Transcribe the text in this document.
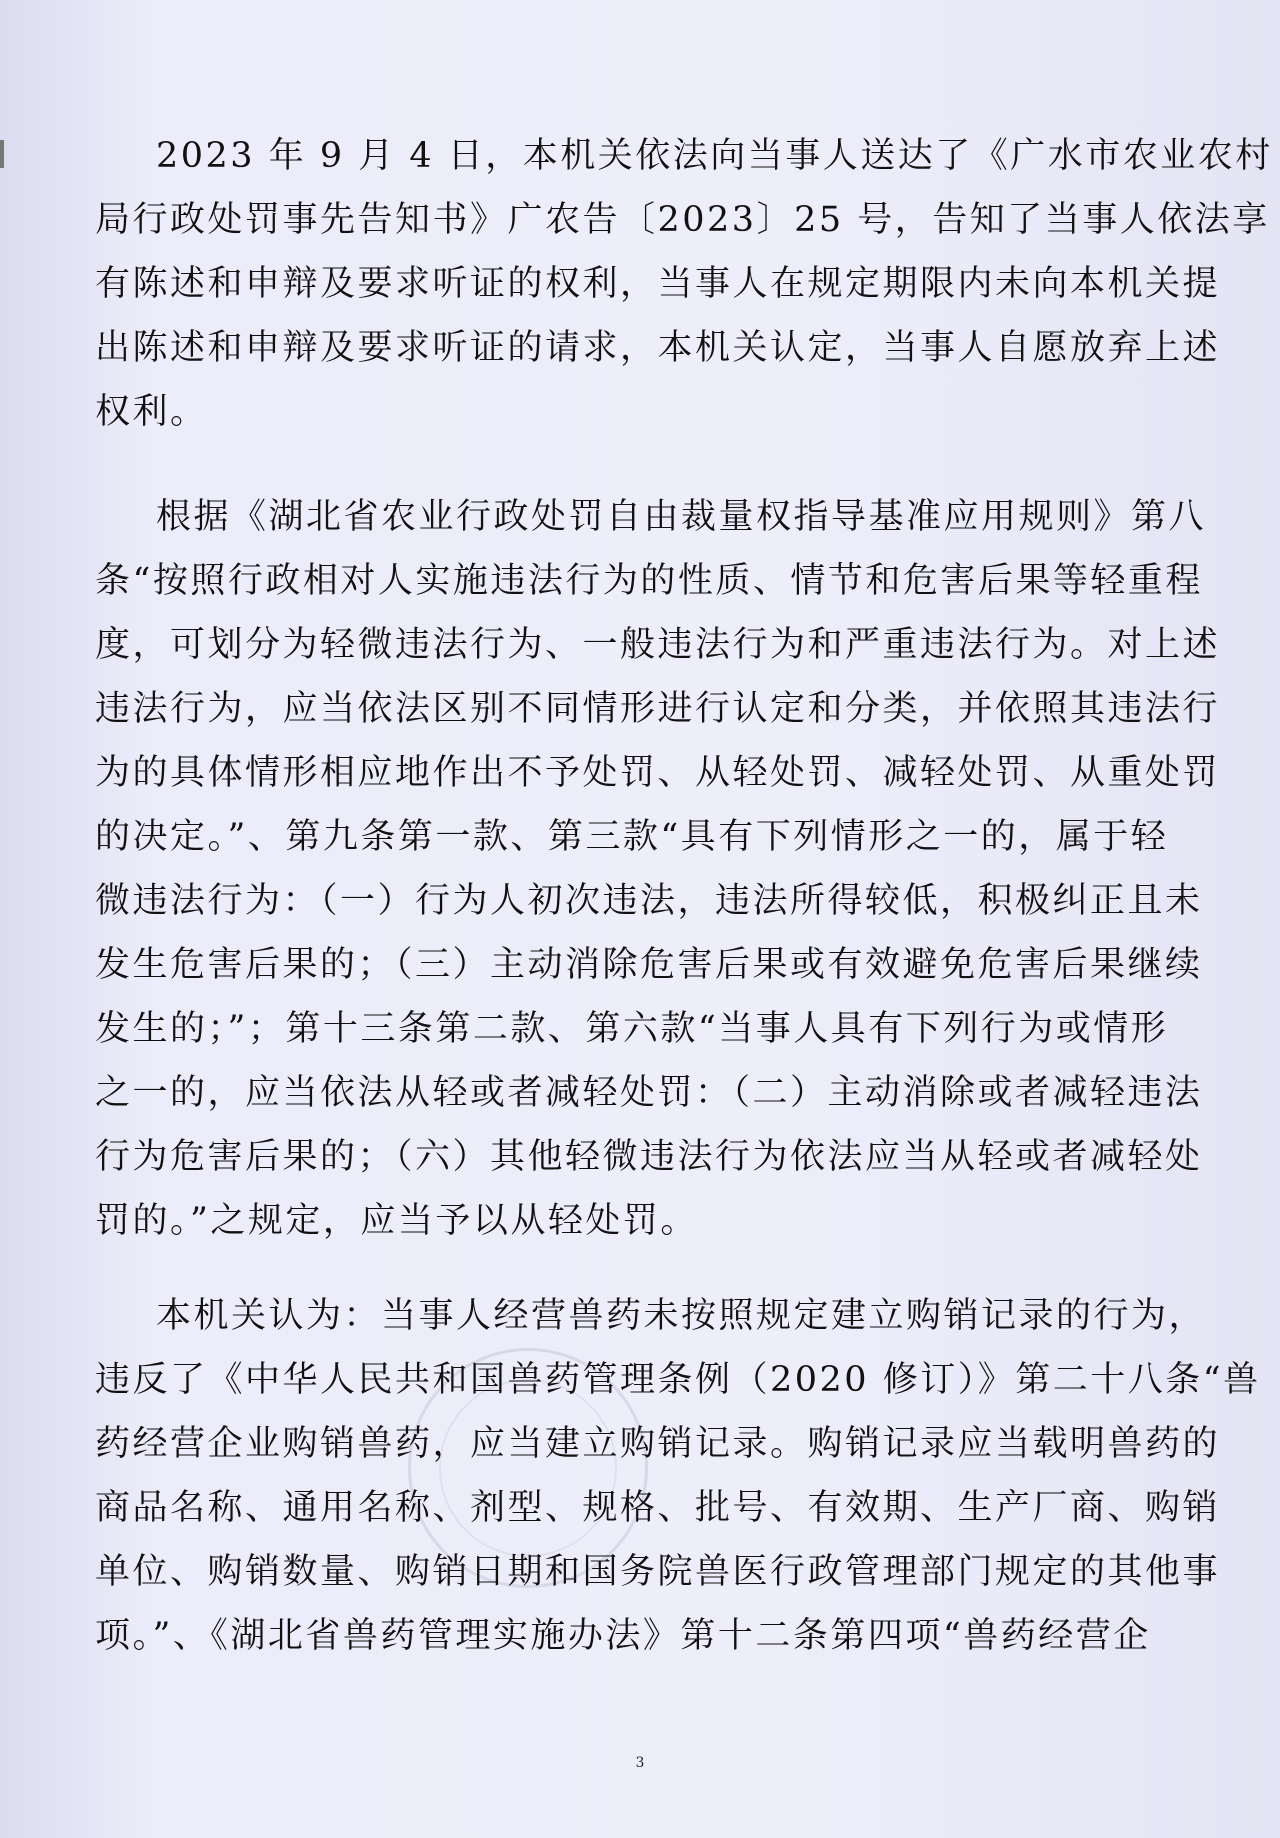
2023 年 9 月 4 日，本机关依法向当事人送达了《广水市农业农村
局行政处罚事先告知书》广农告〔2023〕25 号，告知了当事人依法享
有陈述和申辩及要求听证的权利，当事人在规定期限内未向本机关提
出陈述和申辩及要求听证的请求，本机关认定，当事人自愿放弃上述
权利。
根据《湖北省农业行政处罚自由裁量权指导基准应用规则》第八
条“按照行政相对人实施违法行为的性质、情节和危害后果等轻重程
度，可划分为轻微违法行为、一般违法行为和严重违法行为。对上述
违法行为，应当依法区别不同情形进行认定和分类，并依照其违法行
为的具体情形相应地作出不予处罚、从轻处罚、减轻处罚、从重处罚
的决定。”、第九条第一款、第三款“具有下列情形之一的，属于轻
微违法行为：（一）行为人初次违法，违法所得较低，积极纠正且未
发生危害后果的；（三）主动消除危害后果或有效避免危害后果继续
发生的；”；第十三条第二款、第六款“当事人具有下列行为或情形
之一的，应当依法从轻或者减轻处罚：（二）主动消除或者减轻违法
行为危害后果的；（六）其他轻微违法行为依法应当从轻或者减轻处
罚的。”之规定，应当予以从轻处罚。
本机关认为：当事人经营兽药未按照规定建立购销记录的行为，
违反了《中华人民共和国兽药管理条例（2020 修订）》第二十八条“兽
药经营企业购销兽药，应当建立购销记录。购销记录应当载明兽药的
商品名称、通用名称、剂型、规格、批号、有效期、生产厂商、购销
单位、购销数量、购销日期和国务院兽医行政管理部门规定的其他事
项。”、《湖北省兽药管理实施办法》第十二条第四项“兽药经营企
3
